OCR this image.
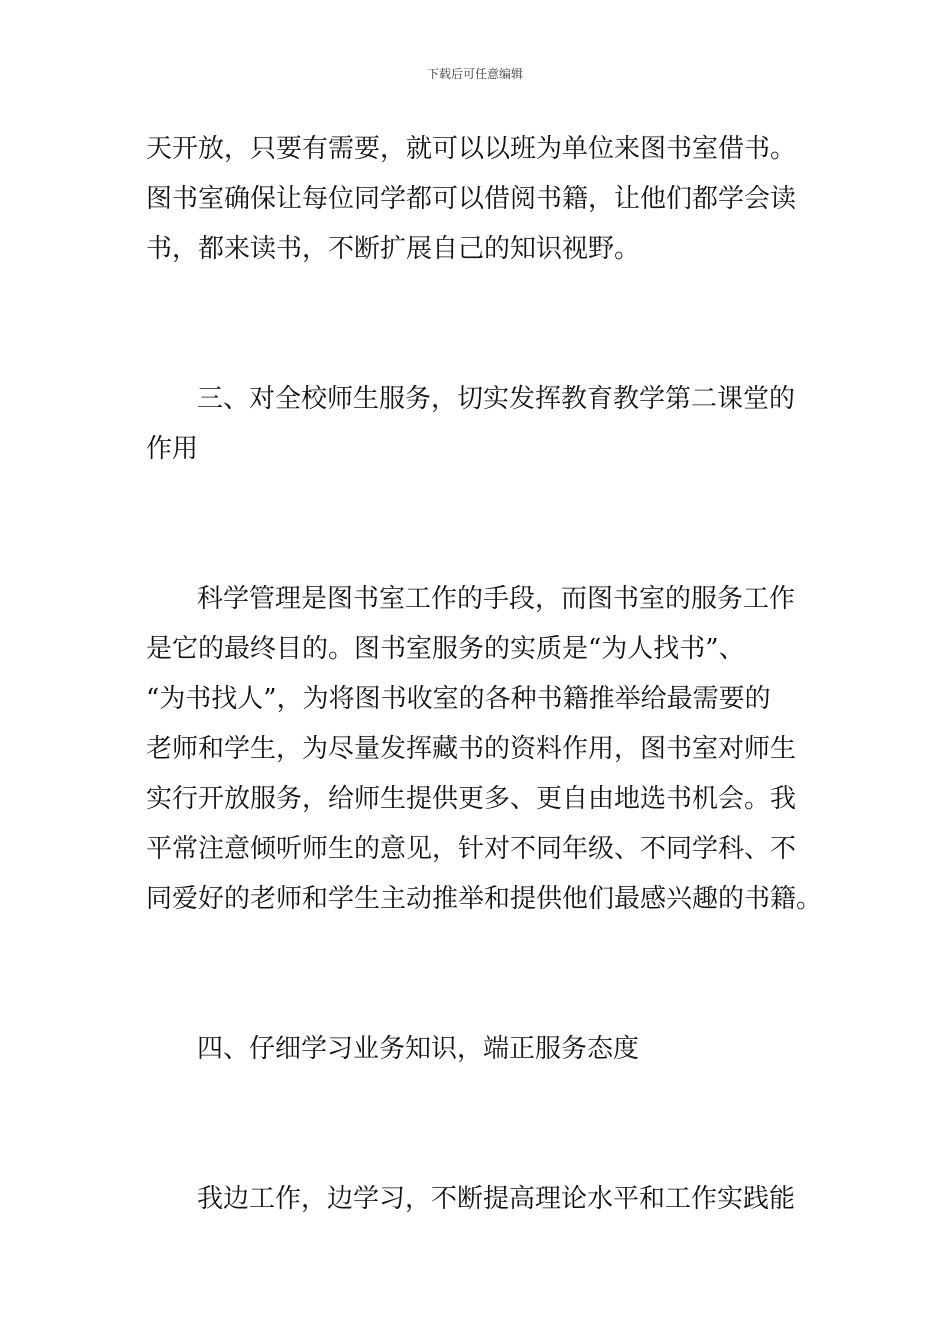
下载后可任意编辑
天开放，只要有需要，就可以以班为单位来图书室借书。
图书室确保让每位同学都可以借阅书籍，让他们都学会读
书，都来读书，不断扩展自己的知识视野。
三、对全校师生服务，切实发挥教育教学第二课堂的
作用
科学管理是图书室工作的手段，而图书室的服务工作
是它的最终目的。图书室服务的实质是“为人找书”、
“为书找人”，为将图书收室的各种书籍推举给最需要的
老师和学生，为尽量发挥藏书的资料作用，图书室对师生
实行开放服务，给师生提供更多、更自由地选书机会。我
平常注意倾听师生的意见，针对不同年级、不同学科、不
同爱好的老师和学生主动推举和提供他们最感兴趣的书籍。
四、仔细学习业务知识，端正服务态度
我边工作，边学习，不断提高理论水平和工作实践能
